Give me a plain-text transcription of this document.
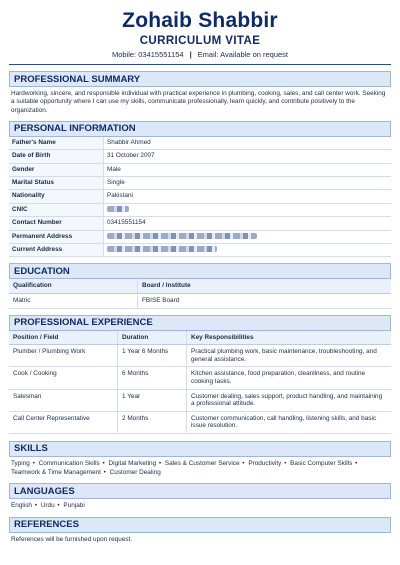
Zohaib Shabbir
CURRICULUM VITAE
Mobile: 03415551154 | Email: Available on request
PROFESSIONAL SUMMARY
Hardworking, sincere, and responsible individual with practical experience in plumbing, cooking, sales, and call center work. Seeking a suitable opportunity where I can use my skills, communicate professionally, learn quickly, and contribute positively to the organization.
PERSONAL INFORMATION
Father's Name	Shabbir Ahmed
Date of Birth	31 October 2007
Gender	Male
Marital Status	Single
Nationality	Pakistani
CNIC	
Contact Number	03415551154
Permanent Address	
Current Address	
EDUCATION
Qualification	Board / Institute
Matric	FBISE Board
PROFESSIONAL EXPERIENCE
Position / Field	Duration	Key Responsibilities
Plumber / Plumbing Work	1 Year 6 Months	Practical plumbing work, basic maintenance, troubleshooting, and general assistance.
Cook / Cooking	6 Months	Kitchen assistance, food preparation, cleanliness, and routine cooking tasks.
Salesman	1 Year	Customer dealing, sales support, product handling, and maintaining a professional attitude.
Call Center Representative	2 Months	Customer communication, call handling, listening skills, and basic issue resolution.
SKILLS
Typing • Communication Skills • Digital Marketing • Sales & Customer Service • Productivity • Basic Computer Skills • Teamwork & Time Management • Customer Dealing
LANGUAGES
English • Urdu • Punjabi
REFERENCES
References will be furnished upon request.
